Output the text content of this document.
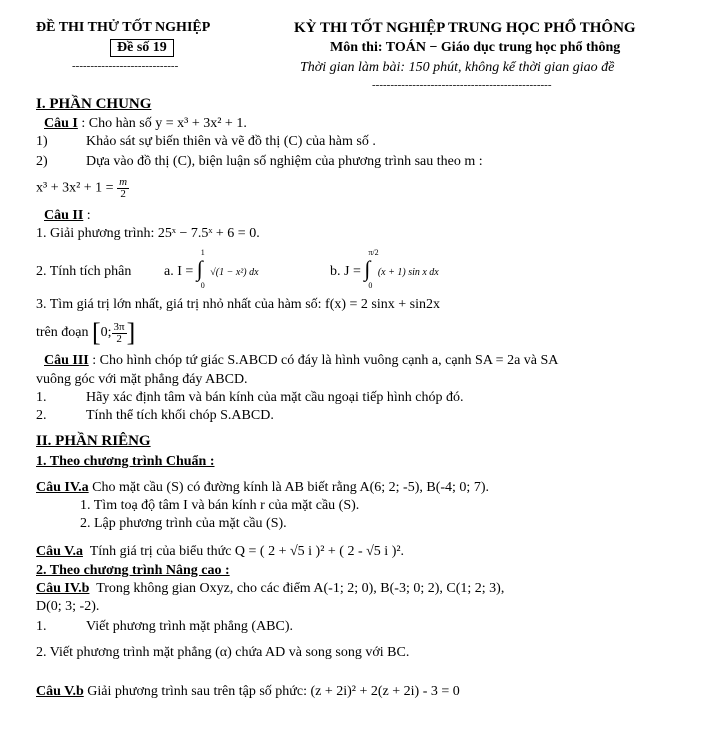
ĐỀ THI THỬ TỐT NGHIỆP
Đề số 19
-----------------------------
KỲ THI TỐT NGHIỆP TRUNG HỌC PHỔ THÔNG
Môn thi: TOÁN − Giáo dục trung học phổ thông
Thời gian làm bài: 150 phút, không kể thời gian giao đề
-------------------------------------------------
I. PHẦN CHUNG
Câu I : Cho hàn số y = x³ + 3x² + 1.
1)	Khảo sát sự biến thiên và vẽ đồ thị (C) của hàm số .
2)	Dựa vào đồ thị (C), biện luận số nghiệm của phương trình sau theo m :
$x^3 + 3x^2 + 1 = \frac{m}{2}$
Câu II :
1. Giải phương trình: 25ˣ − 7.5ˣ + 6 = 0.
2. Tính tích phân a. I = ∫
1
0
√(1 − x²) dx	b. J = ∫
π/2
0
(x + 1) sin x dx
3. Tìm giá trị lớn nhất, giá trị nhỏ nhất của hàm số: f(x) = 2 sinx + sin2x
trên đoạn [0; $\frac{3\pi}{2}$ ]
Câu III : Cho hình chóp tứ giác S.ABCD có đáy là hình vuông cạnh a, cạnh SA = 2a và SA
vuông góc với mặt phẳng đáy ABCD.
1.	Hãy xác định tâm và bán kính của mặt cầu ngoại tiếp hình chóp đó.
2.	Tính thể tích khối chóp S.ABCD.
II. PHẦN RIÊNG
1. Theo chương trình Chuẩn :
Câu IV.a Cho mặt cầu (S) có đường kính là AB biết rằng A(6; 2; -5), B(-4; 0; 7).
1. Tìm toạ độ tâm I và bán kính r của mặt cầu (S).
2. Lập phương trình của mặt cầu (S).
Câu V.a Tính giá trị của biểu thức Q = ( 2 + √5 i )² + ( 2 - √5 i )².
2. Theo chương trình Nâng cao :
Câu IV.b Trong không gian Oxyz, cho các điểm A(-1; 2; 0), B(-3; 0; 2), C(1; 2; 3),
D(0; 3; -2).
1.	Viết phương trình mặt phẳng (ABC).
2. Viết phương trình mặt phẳng (α) chứa AD và song song với BC.
Câu V.b Giải phương trình sau trên tập số phức: (z + 2i)² + 2(z + 2i) - 3 = 0
